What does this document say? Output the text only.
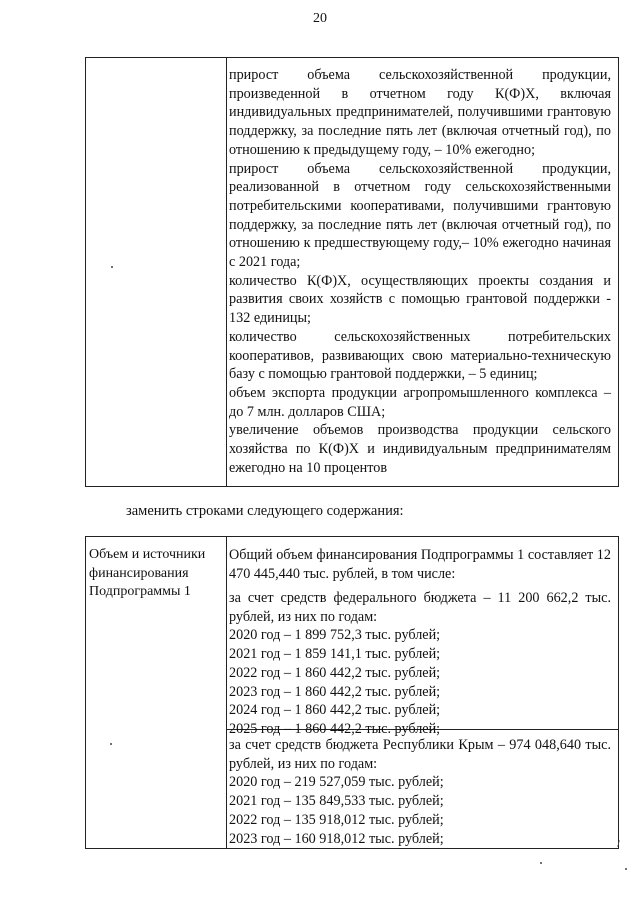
20
прирост объема сельскохозяйственной продукции, произведенной в отчетном году К(Ф)Х, включая индивидуальных предпринимателей, получившими грантовую поддержку, за последние пять лет (включая отчетный год), по отношению к предыдущему году, – 10% ежегодно;
прирост объема сельскохозяйственной продукции, реализованной в отчетном году сельскохозяйственными потребительскими кооперативами, получившими грантовую поддержку, за последние пять лет (включая отчетный год), по отношению к предшествующему году,– 10% ежегодно начиная с 2021 года;
количество К(Ф)Х, осуществляющих проекты создания и развития своих хозяйств с помощью грантовой поддержки - 132 единицы;
количество сельскохозяйственных потребительских кооперативов, развивающих свою материально-техническую базу с помощью грантовой поддержки, – 5 единиц;
объем экспорта продукции агропромышленного комплекса – до 7 млн. долларов США;
увеличение объемов производства продукции сельского хозяйства по К(Ф)Х и индивидуальным предпринимателям ежегодно на 10 процентов
заменить строками следующего содержания:
Объем и источники финансирования Подпрограммы 1
Общий объем финансирования Подпрограммы 1 составляет 12 470 445,440 тыс. рублей, в том числе:
за счет средств федерального бюджета – 11 200 662,2 тыс. рублей, из них по годам:
2020 год – 1 899 752,3 тыс. рублей;
2021 год – 1 859 141,1 тыс. рублей;
2022 год – 1 860 442,2 тыс. рублей;
2023 год – 1 860 442,2 тыс. рублей;
2024 год – 1 860 442,2 тыс. рублей;
2025 год – 1 860 442,2 тыс. рублей;
за счет средств бюджета Республики Крым – 974 048,640 тыс. рублей, из них по годам:
2020 год – 219 527,059 тыс. рублей;
2021 год – 135 849,533 тыс. рублей;
2022 год – 135 918,012 тыс. рублей;
2023 год – 160 918,012 тыс. рублей;	/
